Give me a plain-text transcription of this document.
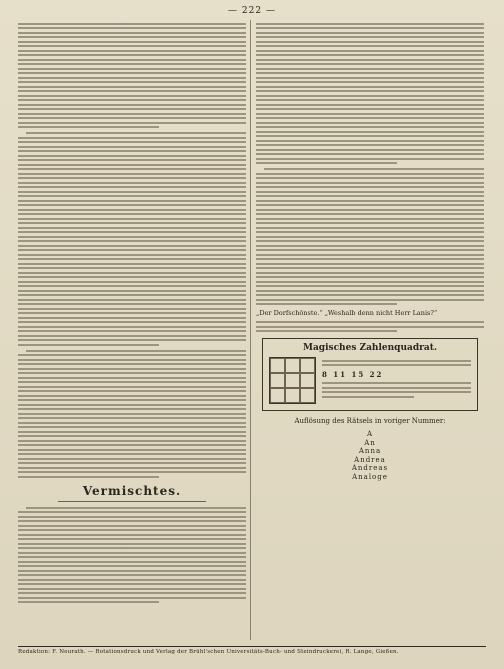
— 222 —
Vermischtes.
„Der Dorfschönste.“ „Weshalb denn nicht Herr Lanis?“
Magisches Zahlenquadrat.
8 11 15 22
Auflösung des Rätsels in voriger Nummer:
A
An
Anna
Andrea
Andreas
Analoge
Redaktion: F. Neurath. — Rotationsdruck und Verlag der Brühl'schen Universitäts-Buch- und Steindruckerei, R. Lange, Gießen.
